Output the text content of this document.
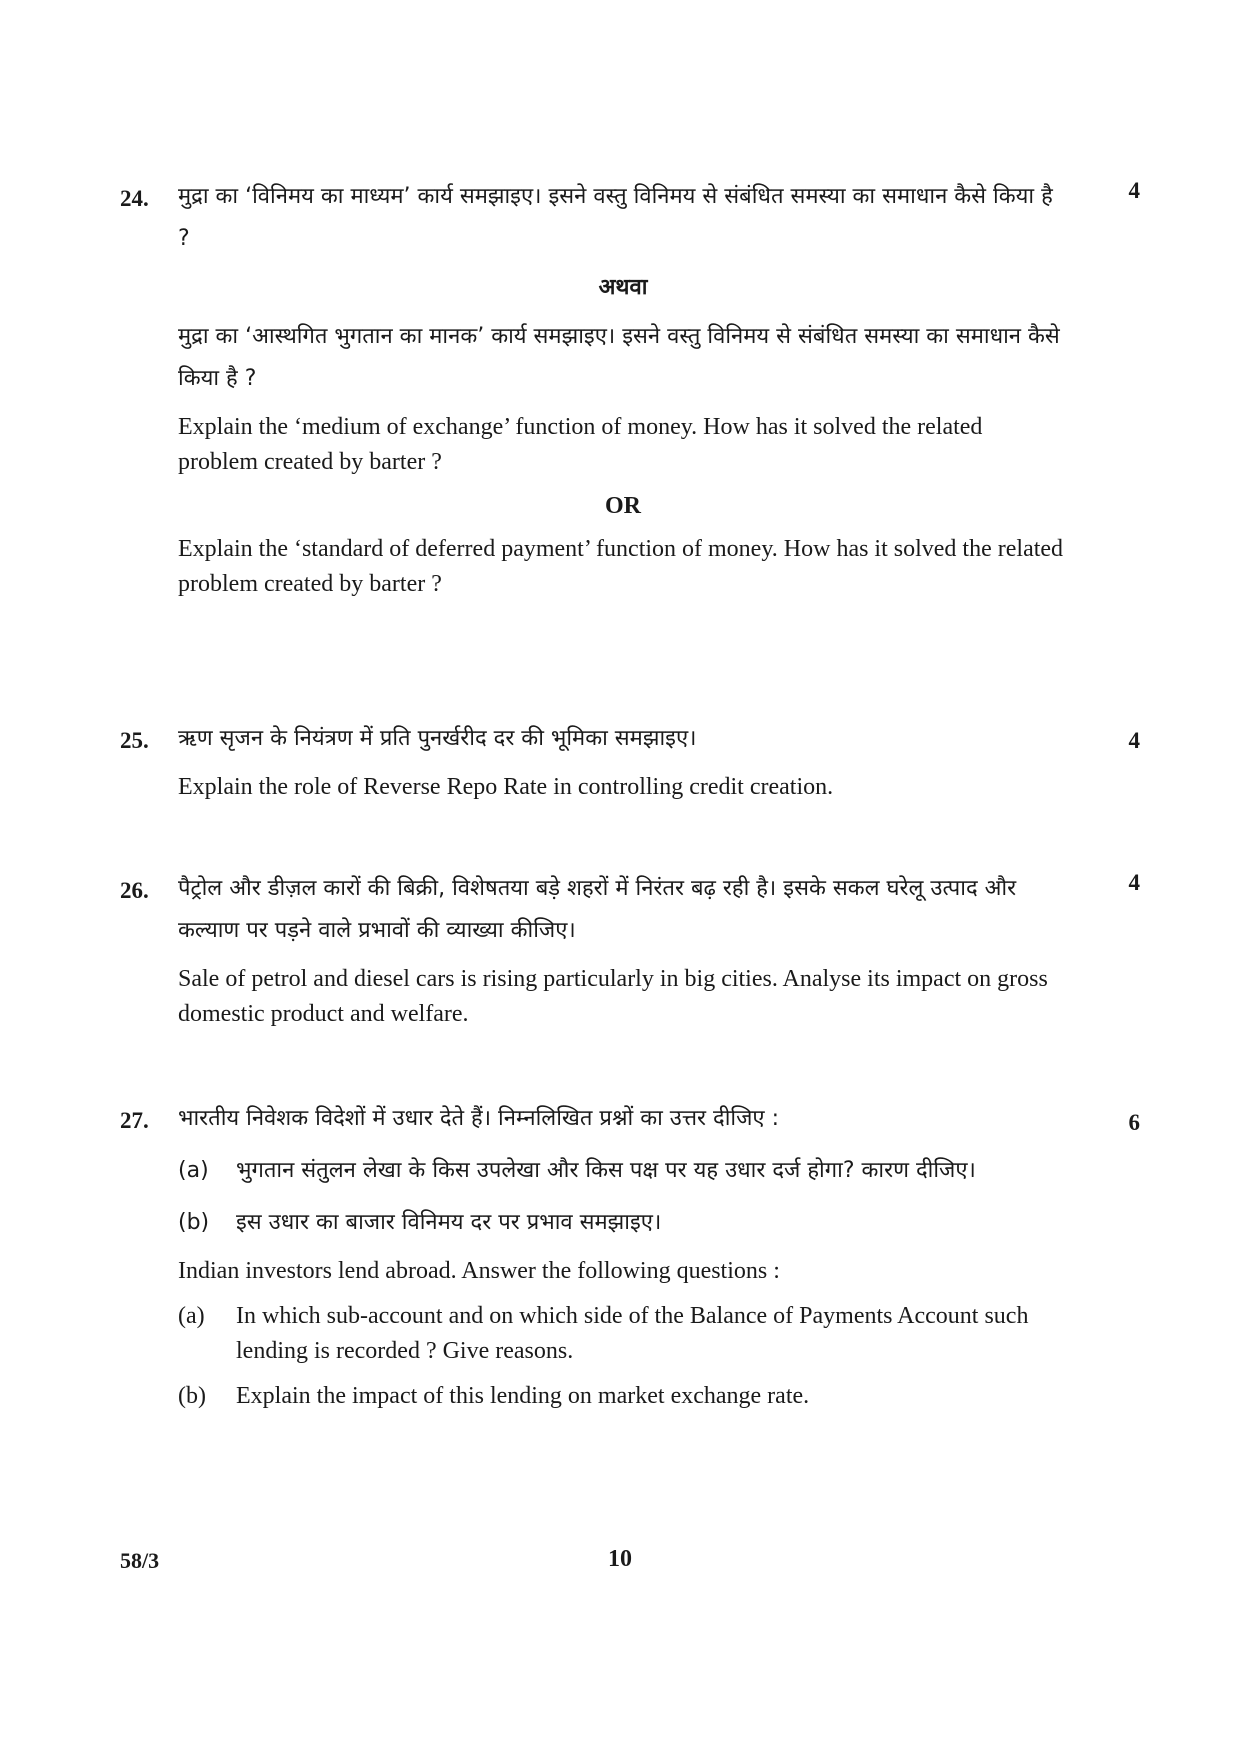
24.	4

मुद्रा का ‘विनिमय का माध्यम’ कार्य समझाइए। इसने वस्तु विनिमय से संबंधित समस्या का समाधान कैसे किया है ?

अथवा

मुद्रा का ‘आस्थगित भुगतान का मानक’ कार्य समझाइए। इसने वस्तु विनिमय से संबंधित समस्या का समाधान कैसे किया है ?

Explain the ‘medium of exchange’ function of money. How has it solved the related problem created by barter ?

OR

Explain the ‘standard of deferred payment’ function of money. How has it solved the related problem created by barter ?

25.	4

ऋण सृजन के नियंत्रण में प्रति पुनर्खरीद दर की भूमिका समझाइए।

Explain the role of Reverse Repo Rate in controlling credit creation.

26.	4

पैट्रोल और डीज़ल कारों की बिक्री, विशेषतया बड़े शहरों में निरंतर बढ़ रही है। इसके सकल घरेलू उत्पाद और कल्याण पर पड़ने वाले प्रभावों की व्याख्या कीजिए।

Sale of petrol and diesel cars is rising particularly in big cities. Analyse its impact on gross domestic product and welfare.

27.	6

भारतीय निवेशक विदेशों में उधार देते हैं। निम्नलिखित प्रश्नों का उत्तर दीजिए :

(a)	भुगतान संतुलन लेखा के किस उपलेखा और किस पक्ष पर यह उधार दर्ज होगा? कारण दीजिए।
(b)	इस उधार का बाजार विनिमय दर पर प्रभाव समझाइए।

Indian investors lend abroad. Answer the following questions :

(a)	In which sub-account and on which side of the Balance of Payments Account such lending is recorded ? Give reasons.
(b)	Explain the impact of this lending on market exchange rate.
58/3	10
